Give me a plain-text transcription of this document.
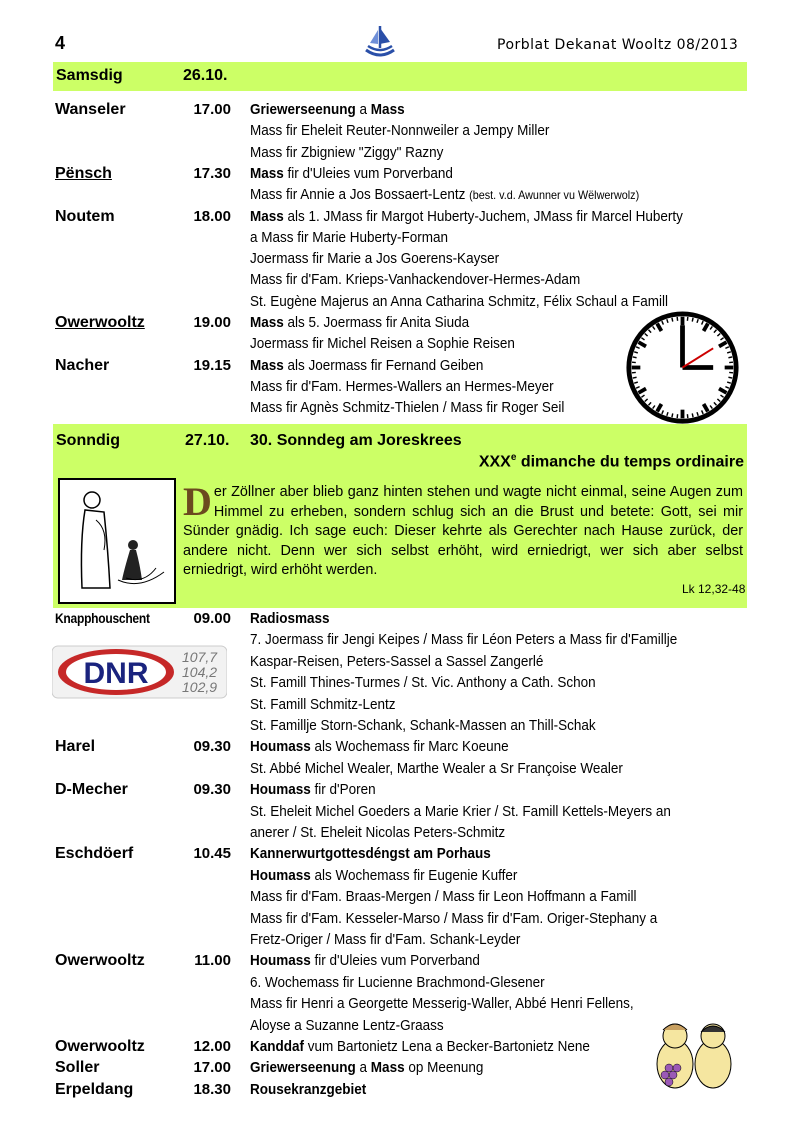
4	Porblat Dekanat Wooltz 08/2013
Samsdig	26.10.
Wanseler	17.00 Griewerseenung a Mass
Mass fir Eheleit Reuter-Nonnweiler a Jempy Miller
Mass fir Zbigniew "Ziggy" Razny
Pënsch	17.30 Mass fir d'Uleies vum Porverband
Mass fir Annie a Jos Bossaert-Lentz (best. v.d. Awunner vu Wëlwerwolz)
Noutem	18.00 Mass als 1. JMass fir Margot Huberty-Juchem, JMass fir Marcel Huberty
a Mass fir Marie Huberty-Forman
Joermass fir Marie a Jos Goerens-Kayser
Mass fir d'Fam. Krieps-Vanhackendover-Hermes-Adam
St. Eugène Majerus an Anna Catharina Schmitz, Félix Schaul a Famill
Owerwooltz	19.00 Mass als 5. Joermass fir Anita Siuda
Joermass fir Michel Reisen a Sophie Reisen
Nacher	19.15 Mass als Joermass fir Fernand Geiben
Mass fir d'Fam. Hermes-Wallers an Hermes-Meyer
Mass fir Agnès Schmitz-Thielen / Mass fir Roger Seil
Sonndig	27.10. 30. Sonndeg am Joreskrees
XXXe dimanche du temps ordinaire
Der Zöllner aber blieb ganz hinten stehen und wagte nicht einmal, seine Augen zum Himmel zu erheben, sondern schlug sich an die Brust und betete: Gott, sei mir Sünder gnädig. Ich sage euch: Dieser kehrte als Gerechter nach Hause zurück, der andere nicht. Denn wer sich selbst erhöht, wird erniedrigt, wer sich aber selbst erniedrigt, wird erhöht werden.
Lk 12,32-48
DNR 107,7
104,2
102,9
Knapphouschent	09.00 Radiosmass
7. Joermass fir Jengi Keipes / Mass fir Léon Peters a Mass fir d'Famillje
Kaspar-Reisen, Peters-Sassel a Sassel Zangerlé
St. Famill Thines-Turmes / St. Vic. Anthony a Cath. Schon
St. Famill Schmitz-Lentz
St. Familljе Storn-Schank, Schank-Massen an Thill-Schak
Harel	09.30 Houmass als Wochemass fir Marc Koeune
St. Abbé Michel Wealer, Marthe Wealer a Sr Françoise Wealer
D-Mecher	09.30 Houmass fir d'Poren
St. Eheleit Michel Goeders a Marie Krier / St. Famill Kettels-Meyers an
anerer / St. Eheleit Nicolas Peters-Schmitz
Eschdöerf	10.45 Kannerwurtgottesdéngst am Porhaus
Houmass als Wochemass fir Eugenie Kuffer
Mass fir d'Fam. Braas-Mergen / Mass fir Leon Hoffmann a Famill
Mass fir d'Fam. Kesseler-Marso / Mass fir d'Fam. Origer-Stephany a
Fretz-Origer / Mass fir d'Fam. Schank-Leyder
Owerwooltz	11.00 Houmass fir d'Uleies vum Porverband
6. Wochemass fir Lucienne Brachmond-Glesener
Mass fir Henri a Georgette Messerig-Waller, Abbé Henri Fellens,
Aloyse a Suzanne Lentz-Graass
Owerwooltz	12.00 Kanddaf vum Bartonietz Lena a Becker-Bartonietz Nene
Soller	17.00 Griewerseenung a Mass op Meenung
Erpeldang	18.30 Rousekranzgebiet
